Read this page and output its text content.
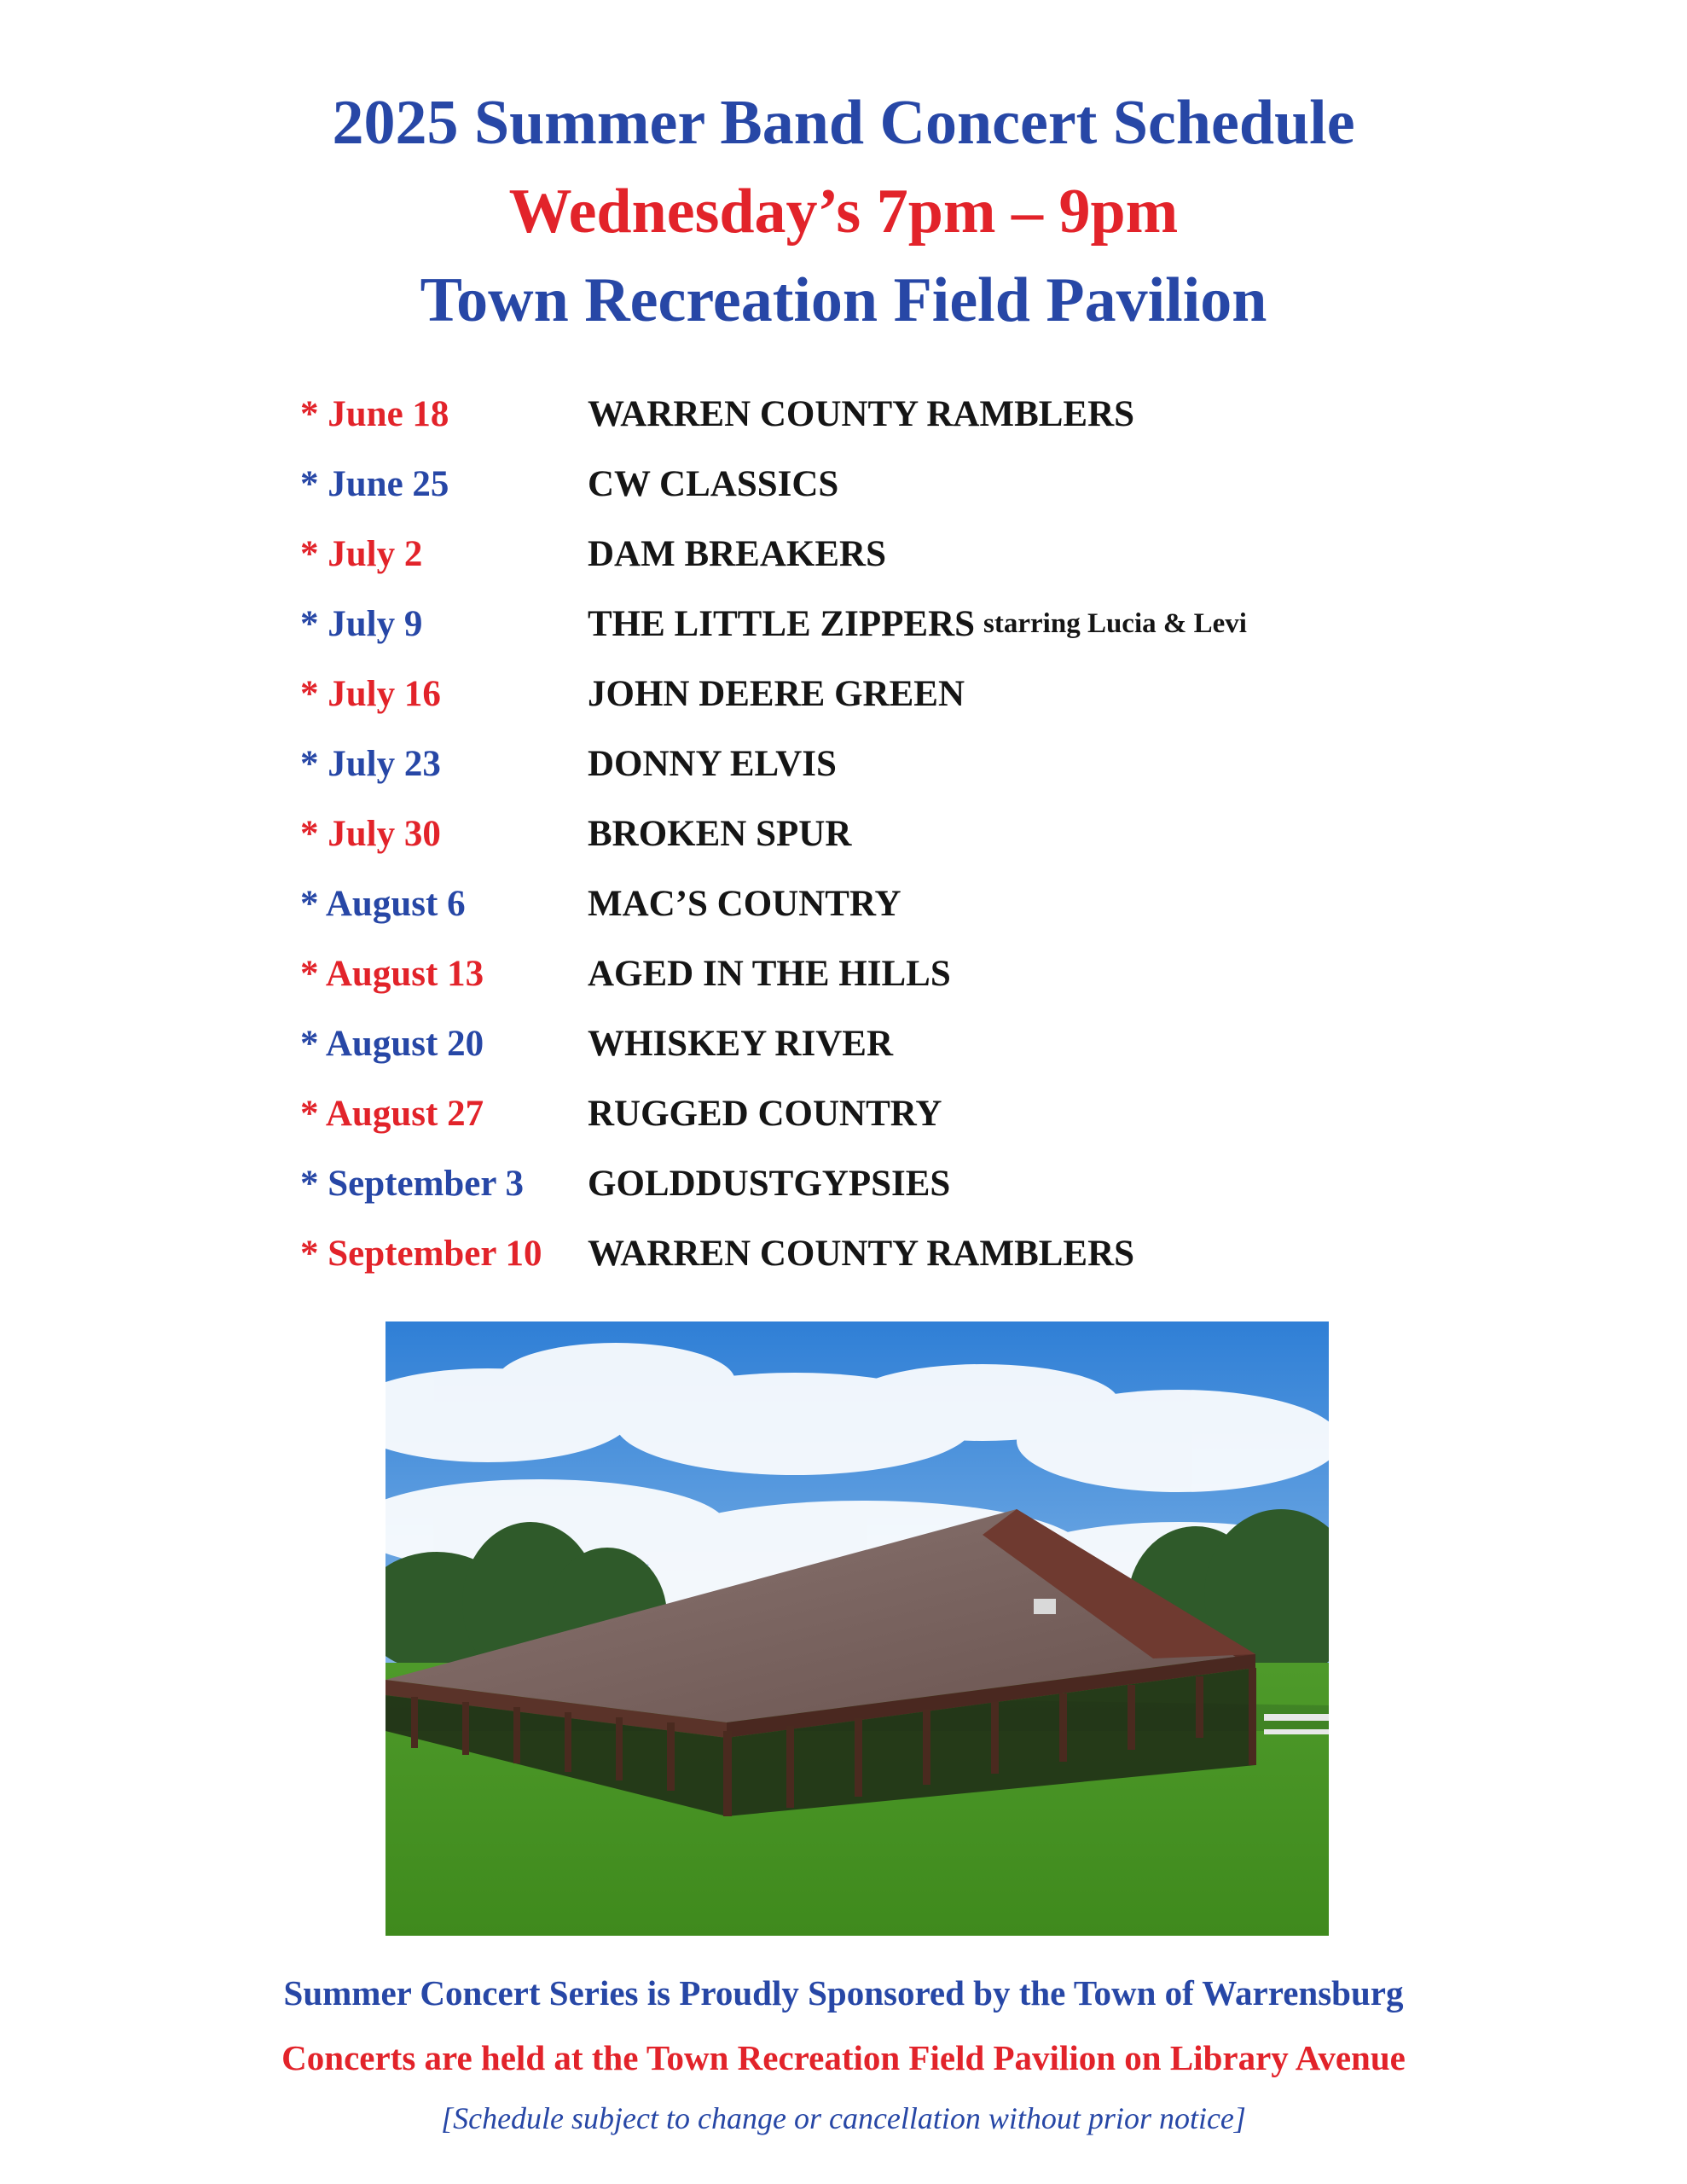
2025 Summer Band Concert Schedule
Wednesday’s 7pm – 9pm
Town Recreation Field Pavilion
* June 18	WARREN COUNTY RAMBLERS
* June 25	CW CLASSICS
* July 2	DAM BREAKERS
* July 9	THE LITTLE ZIPPERS starring Lucia & Levi
* July 16	JOHN DEERE GREEN
* July 23	DONNY ELVIS
* July 30	BROKEN SPUR
* August 6	MAC’S COUNTRY
* August 13	AGED IN THE HILLS
* August 20	WHISKEY RIVER
* August 27	RUGGED COUNTRY
* September 3	GOLDDUSTGYPSIES
* September 10	WARREN COUNTY RAMBLERS
Summer Concert Series is Proudly Sponsored by the Town of Warrensburg
Concerts are held at the Town Recreation Field Pavilion on Library Avenue
[Schedule subject to change or cancellation without prior notice]
